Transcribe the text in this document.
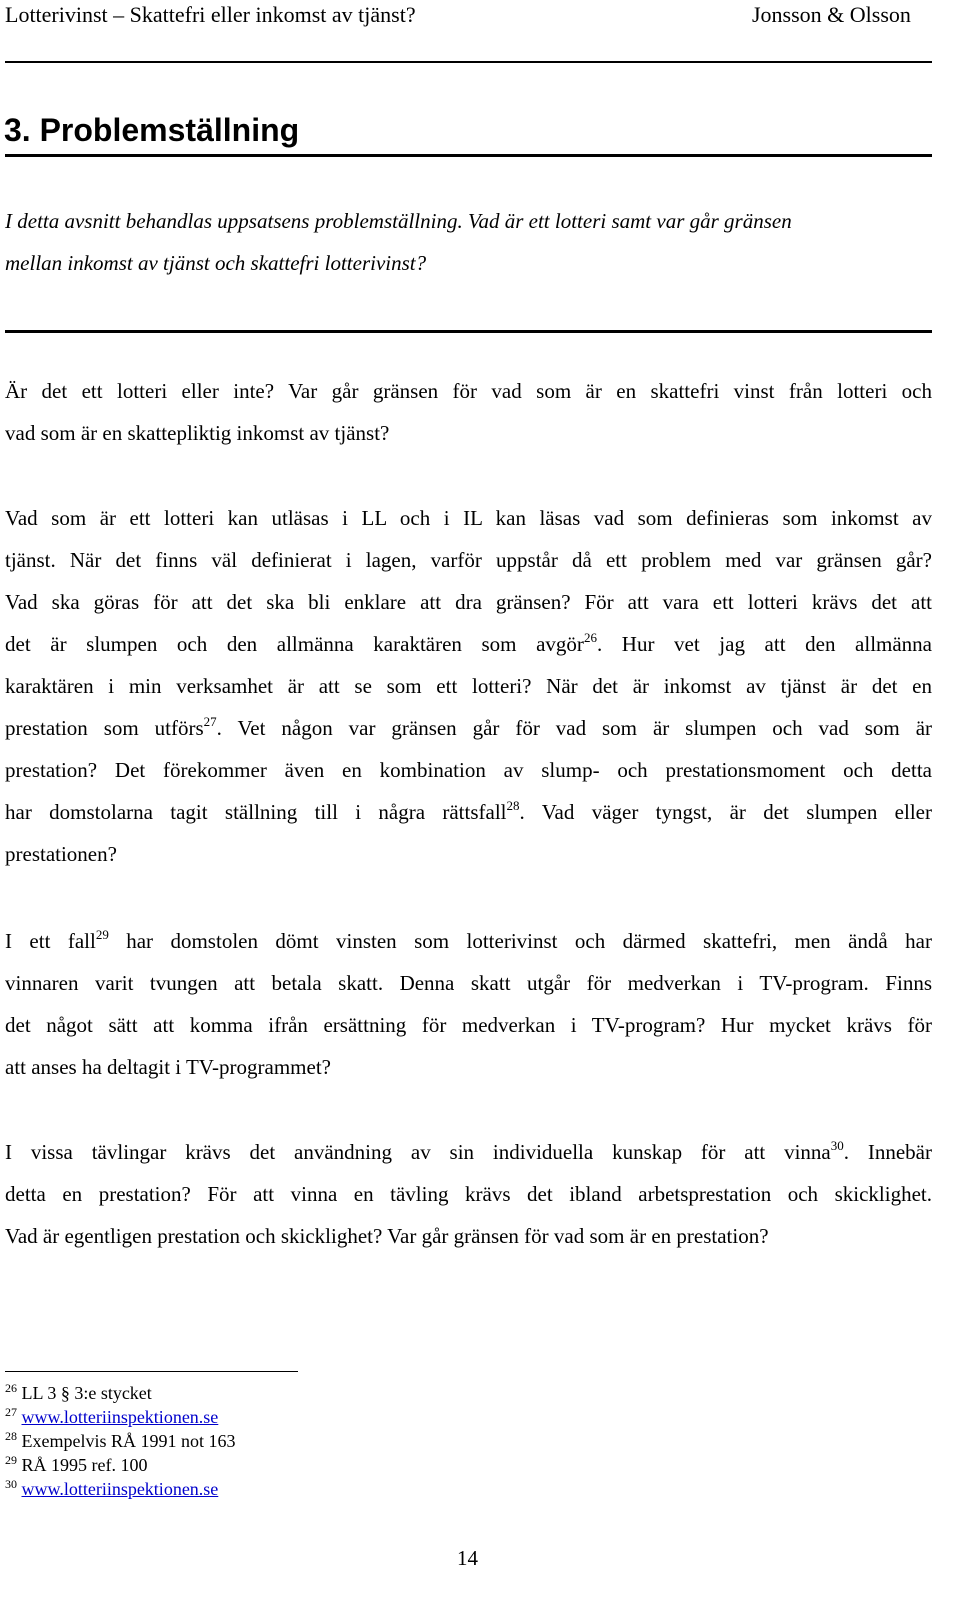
Lotterivinst – Skattefri eller inkomst av tjänst?	Jonsson & Olsson
3. Problemställning
I detta avsnitt behandlas uppsatsens problemställning. Vad är ett lotteri samt var går gränsen
mellan inkomst av tjänst och skattefri lotterivinst?
Är det ett lotteri eller inte? Var går gränsen för vad som är en skattefri vinst från lotteri och
vad som är en skattepliktig inkomst av tjänst?
Vad som är ett lotteri kan utläsas i LL och i IL kan läsas vad som definieras som inkomst av
tjänst. När det finns väl definierat i lagen, varför uppstår då ett problem med var gränsen går?
Vad ska göras för att det ska bli enklare att dra gränsen? För att vara ett lotteri krävs det att
det är slumpen och den allmänna karaktären som avgör$^{26}$. Hur vet jag att den allmänna
karaktären i min verksamhet är att se som ett lotteri? När det är inkomst av tjänst är det en
prestation som utförs$^{27}$. Vet någon var gränsen går för vad som är slumpen och vad som är
prestation? Det förekommer även en kombination av slump- och prestationsmoment och detta
har domstolarna tagit ställning till i några rättsfall$^{28}$. Vad väger tyngst, är det slumpen eller
prestationen?
I ett fall$^{29}$ har domstolen dömt vinsten som lotterivinst och därmed skattefri, men ändå har
vinnaren varit tvungen att betala skatt. Denna skatt utgår för medverkan i TV-program. Finns
det något sätt att komma ifrån ersättning för medverkan i TV-program? Hur mycket krävs för
att anses ha deltagit i TV-programmet?
I vissa tävlingar krävs det användning av sin individuella kunskap för att vinna$^{30}$. Innebär
detta en prestation? För att vinna en tävling krävs det ibland arbetsprestation och skicklighet.
Vad är egentligen prestation och skicklighet? Var går gränsen för vad som är en prestation?
$^{26}$ LL 3 § 3:e stycket
$^{27}$ www.lotteriinspektionen.se
$^{28}$ Exempelvis RÅ 1991 not 163
$^{29}$ RÅ 1995 ref. 100
$^{30}$ www.lotteriinspektionen.se
14
